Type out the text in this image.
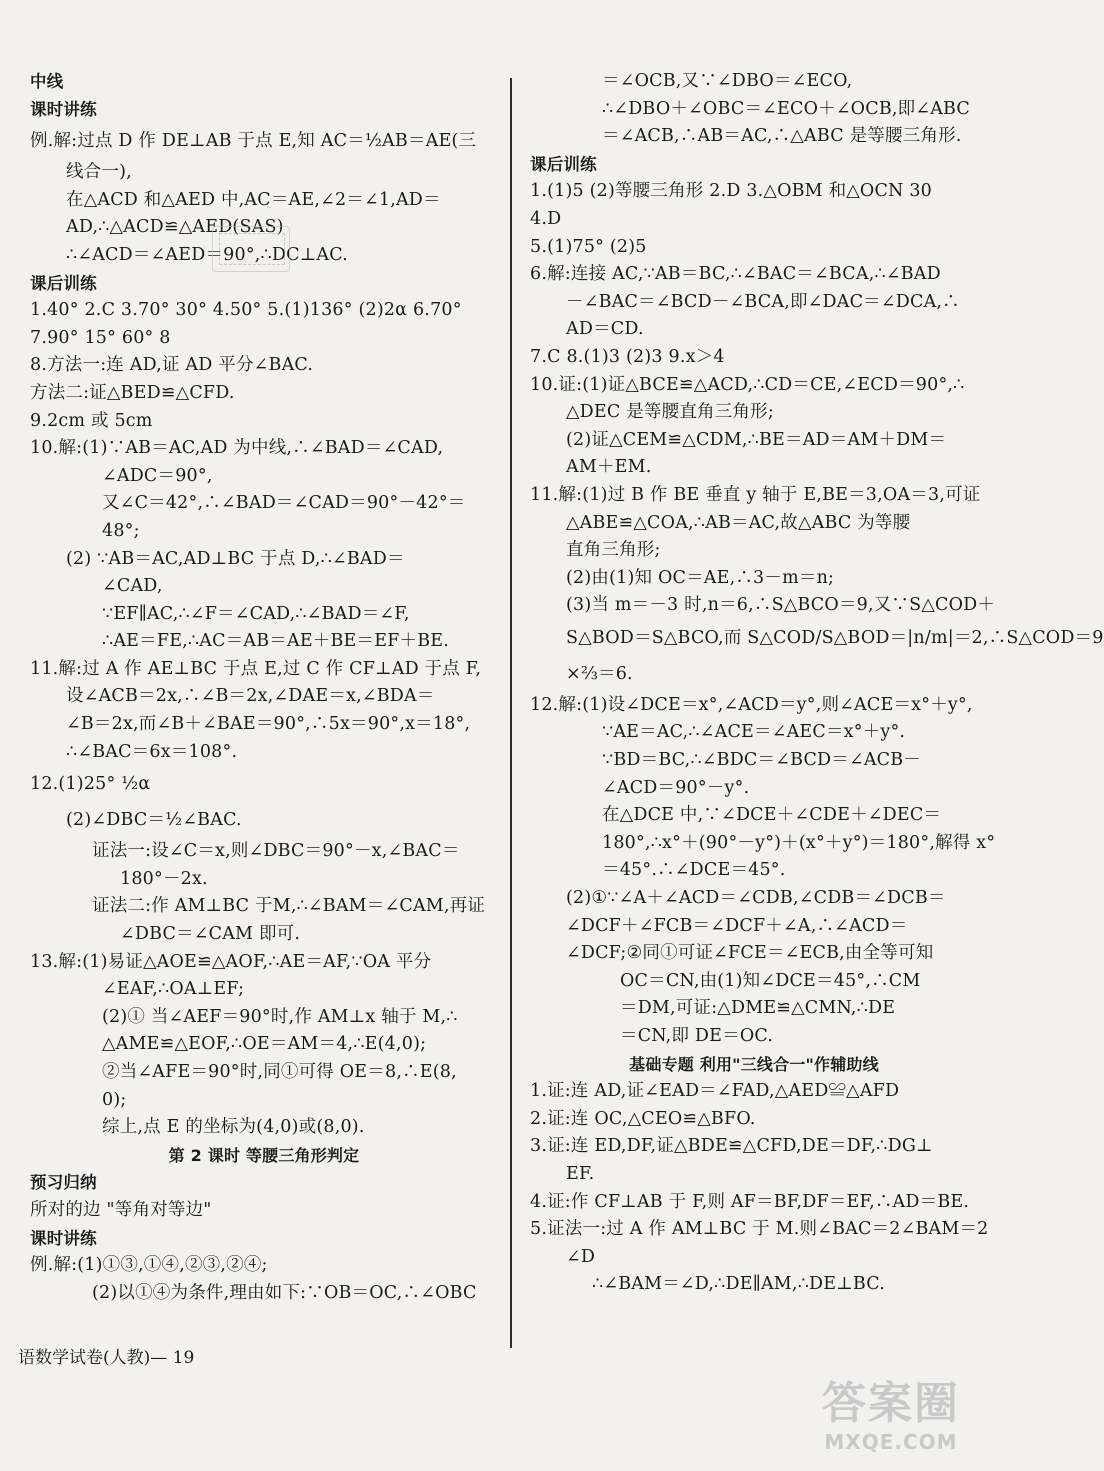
中线
课时讲练
例.解:过点 D 作 DE⊥AB 于点 E,知 AC＝½AB＝AE(三
线合一),
在△ACD 和△AED 中,AC＝AE,∠2＝∠1,AD＝
AD,∴△ACD≌△AED(SAS)
∴∠ACD＝∠AED＝90°,∴DC⊥AC.
课后训练
1.40° 2.C 3.70° 30° 4.50° 5.(1)136° (2)2α 6.70°
7.90° 15° 60° 8
8.方法一:连 AD,证 AD 平分∠BAC.
方法二:证△BED≌△CFD.
9.2cm 或 5cm
10.解:(1)∵AB＝AC,AD 为中线,∴∠BAD＝∠CAD,
∠ADC＝90°,
又∠C＝42°,∴∠BAD＝∠CAD＝90°－42°＝
48°;
(2) ∵AB＝AC,AD⊥BC 于点 D,∴∠BAD＝
∠CAD,
∵EF∥AC,∴∠F＝∠CAD,∴∠BAD＝∠F,
∴AE＝FE,∴AC＝AB＝AE＋BE＝EF＋BE.
11.解:过 A 作 AE⊥BC 于点 E,过 C 作 CF⊥AD 于点 F,
设∠ACB＝2x,∴∠B＝2x,∠DAE＝x,∠BDA＝
∠B＝2x,而∠B＋∠BAE＝90°,∴5x＝90°,x＝18°,
∴∠BAC＝6x＝108°.
12.(1)25° ½α
(2)∠DBC＝½∠BAC.
证法一:设∠C＝x,则∠DBC＝90°－x,∠BAC＝
180°－2x.
证法二:作 AM⊥BC 于M,∴∠BAM＝∠CAM,再证
∠DBC＝∠CAM 即可.
13.解:(1)易证△AOE≌△AOF,∴AE＝AF,∵OA 平分
∠EAF,∴OA⊥EF;
(2)① 当∠AEF＝90°时,作 AM⊥x 轴于 M,∴
△AME≌△EOF,∴OE＝AM＝4,∴E(4,0);
②当∠AFE＝90°时,同①可得 OE＝8,∴E(8,
0);
综上,点 E 的坐标为(4,0)或(8,0).
第 2 课时 等腰三角形判定
预习归纳
所对的边 "等角对等边"
课时讲练
例.解:(1)①③,①④,②③,②④;
(2)以①④为条件,理由如下:∵OB＝OC,∴∠OBC
＝∠OCB,又∵∠DBO＝∠ECO,
∴∠DBO＋∠OBC＝∠ECO＋∠OCB,即∠ABC
＝∠ACB,∴AB＝AC,∴△ABC 是等腰三角形.
课后训练
1.(1)5 (2)等腰三角形 2.D 3.△OBM 和△OCN 30
4.D
5.(1)75° (2)5
6.解:连接 AC,∵AB＝BC,∴∠BAC＝∠BCA,∴∠BAD
－∠BAC＝∠BCD－∠BCA,即∠DAC＝∠DCA,∴
AD＝CD.
7.C 8.(1)3 (2)3 9.x＞4
10.证:(1)证△BCE≌△ACD,∴CD＝CE,∠ECD＝90°,∴
△DEC 是等腰直角三角形;
(2)证△CEM≌△CDM,∴BE＝AD＝AM＋DM＝
AM＋EM.
11.解:(1)过 B 作 BE 垂直 y 轴于 E,BE＝3,OA＝3,可证
△ABE≌△COA,∴AB＝AC,故△ABC 为等腰
直角三角形;
(2)由(1)知 OC＝AE,∴3－m＝n;
(3)当 m＝－3 时,n＝6,∴S△BCO＝9,又∵S△COD＋
S△BOD＝S△BCO,而 S△COD/S△BOD＝|n/m|＝2,∴S△COD＝9
×⅔＝6.
12.解:(1)设∠DCE＝x°,∠ACD＝y°,则∠ACE＝x°＋y°,
∵AE＝AC,∴∠ACE＝∠AEC＝x°＋y°.
∵BD＝BC,∴∠BDC＝∠BCD＝∠ACB－
∠ACD＝90°－y°.
在△DCE 中,∵∠DCE＋∠CDE＋∠DEC＝
180°,∴x°＋(90°－y°)＋(x°＋y°)＝180°,解得 x°
＝45°.∴∠DCE＝45°.
(2)①∵∠A＋∠ACD＝∠CDB,∠CDB＝∠DCB＝
∠DCF＋∠FCB＝∠DCF＋∠A,∴∠ACD＝
∠DCF;②同①可证∠FCE＝∠ECB,由全等可知
OC＝CN,由(1)知∠DCE＝45°,∴CM
＝DM,可证:△DME≌△CMN,∴DE
＝CN,即 DE＝OC.
基础专题 利用"三线合一"作辅助线
1.证:连 AD,证∠EAD＝∠FAD,△AED≌△AFD
2.证:连 OC,△CEO≌△BFO.
3.证:连 ED,DF,证△BDE≌△CFD,DE＝DF,∴DG⊥
EF.
4.证:作 CF⊥AB 于 F,则 AF＝BF,DF＝EF,∴AD＝BE.
5.证法一:过 A 作 AM⊥BC 于 M.则∠BAC＝2∠BAM＝2
∠D
∴∠BAM＝∠D,∴DE∥AM,∴DE⊥BC.
语数学试卷(人教)— 19
答案圈
MXQE.COM
